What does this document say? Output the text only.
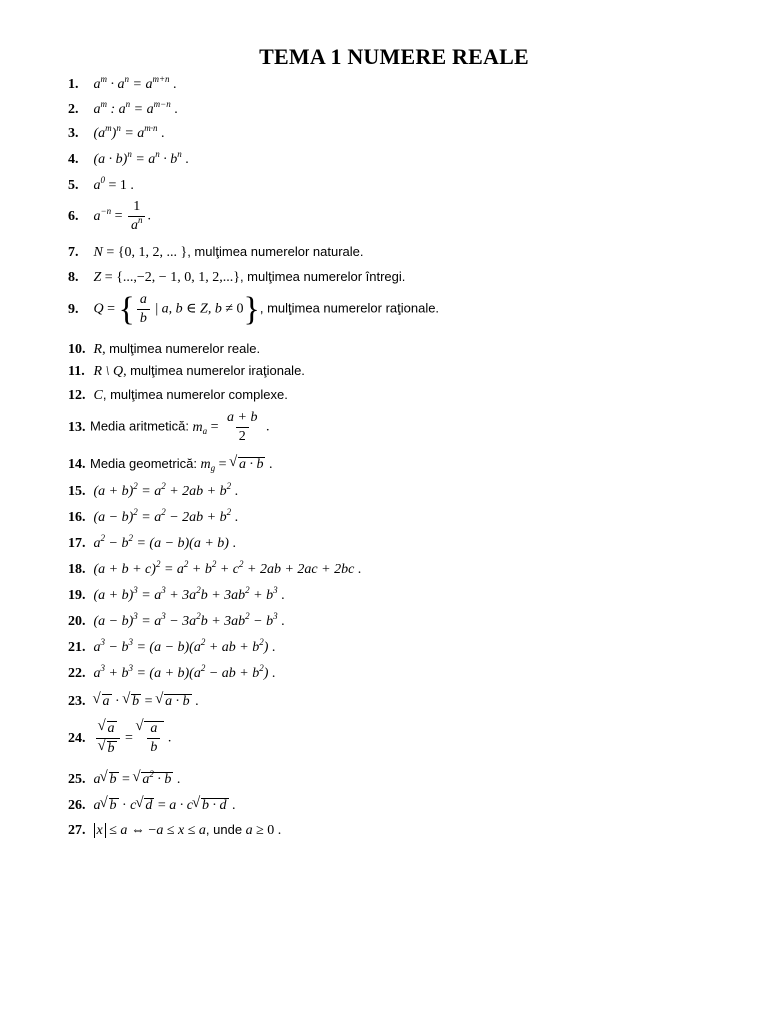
TEMA 1 NUMERE REALE
1. $a^m \cdot a^n = a^{m+n}$ .
2. $a^m$ : $a^n = a^{m-n}$ .
3. $(a^m)^n = a^{m\cdot n}$ .
4. $(a \cdot b)^n = a^n \cdot b^n$ .
5. $a^0 = 1$ .
6. $a^{-n} = \frac{1}{a^n}$ .
7. N = {0, 1, 2, ... }, mulţimea numerelor naturale.
8. Z = {...,−2, − 1, 0, 1, 2,...}, mulţimea numerelor întregi.
9. Q = { $\frac{a}{b}$ | a, b ∈ Z, b ≠ 0}, mulţimea numerelor raţionale.
10. R, mulţimea numerelor reale.
11. R \ Q, mulţimea numerelor iraţionale.
12. C, mulţimea numerelor complexe.
13. Media aritmetică: $m_a = \frac{a + b}{2}$ .
14. Media geometrică: $m_g$ = √ a · b .
15. $(a + b)^2 = a^2 + 2ab + b^2$ .
16. $(a - b)^2 = a^2 - 2ab + b^2$ .
17. $a^2 - b^2 = (a - b)(a + b)$ .
18. $(a + b + c)^2 = a^2 + b^2 + c^2 + 2ab + 2ac + 2bc$ .
19. $(a + b)^3 = a^3 + 3a^2b + 3ab^2 + b^3$ .
20. $(a - b)^3 = a^3 - 3a^2b + 3ab^2 - b^3$ .
21. $a^3 - b^3 = (a - b)(a^2$ + ab + $b^2$) .
22. $a^3 + b^3 = (a + b)(a^2$ − ab + $b^2$) .
23. √ a · √ b = √ a · b .
24. √ a
√ b = √ $\frac{a}{b}$ .
25. a √ b = √ $a^2 \cdot b$ .
26. a √ b · c √ d = a · c √ b · d .
27. x ≤ a ⇔ −a ≤ x ≤ a, unde a ≥ 0 .
